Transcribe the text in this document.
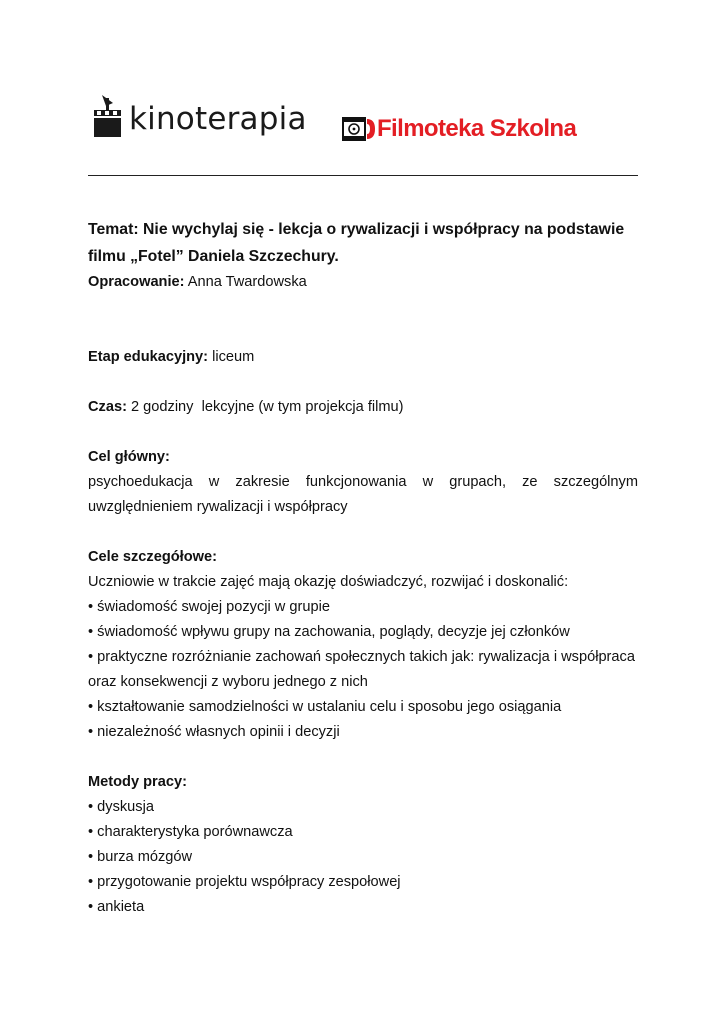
kinoterapia	Filmoteka Szkolna

Temat: Nie wychylaj się - lekcja o rywalizacji i współpracy na podstawie
filmu „Fotel” Daniela Szczechury.

Opracowanie: Anna Twardowska

Etap edukacyjny: liceum

Czas: 2 godziny  lekcyjne (w tym projekcja filmu)

Cel główny:

psychoedukacja w zakresie funkcjonowania w grupach, ze szczególnym

uwzględnieniem rywalizacji i współpracy

Cele szczegółowe:

Uczniowie w trakcie zajęć mają okazję doświadczyć, rozwijać i doskonalić:

• świadomość swojej pozycji w grupie
• świadomość wpływu grupy na zachowania, poglądy, decyzje jej członków
• praktyczne rozróżnianie zachowań społecznych takich jak: rywalizacja i współpraca
oraz konsekwencji z wyboru jednego z nich
• kształtowanie samodzielności w ustalaniu celu i sposobu jego osiągania
• niezależność własnych opinii i decyzji

Metody pracy:

• dyskusja
• charakterystyka porównawcza
• burza mózgów
• przygotowanie projektu współpracy zespołowej
• ankieta
